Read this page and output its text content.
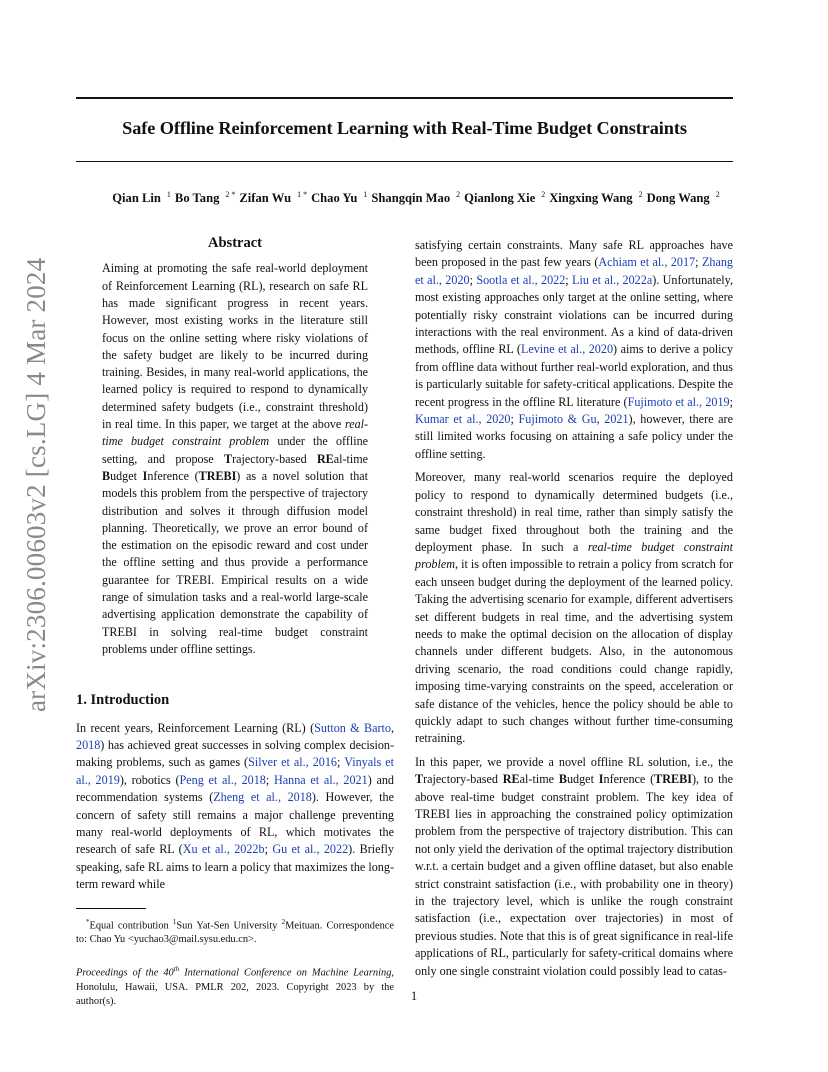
Safe Offline Reinforcement Learning with Real-Time Budget Constraints
Qian Lin $^1$ Bo Tang $^{2 *}$ Zifan Wu $^{1 *}$ Chao Yu $^1$ Shangqin Mao $^2$ Qianlong Xie $^2$ Xingxing Wang $^2$ Dong Wang $^2$
arXiv:2306.00603v2 [cs.LG] 4 Mar 2024
Abstract

Aiming at promoting the safe real-world deployment of Reinforcement Learning (RL), research on safe RL has made significant progress in recent years. However, most existing works in the literature still focus on the online setting where risky violations of the safety budget are likely to be incurred during training. Besides, in many real-world applications, the learned policy is required to respond to dynamically determined safety budgets (i.e., constraint threshold) in real time. In this paper, we target at the above real-time budget constraint problem under the offline setting, and propose Trajectory-based REal-time Budget Inference (TREBI) as a novel solution that models this problem from the perspective of trajectory distribution and solves it through diffusion model planning. Theoretically, we prove an error bound of the estimation on the episodic reward and cost under the offline setting and thus provide a performance guarantee for TREBI. Empirical results on a wide range of simulation tasks and a real-world large-scale advertising application demonstrate the capability of TREBI in solving real-time budget constraint problems under offline settings.

1. Introduction

In recent years, Reinforcement Learning (RL) (Sutton & Barto, 2018) has achieved great successes in solving complex decision-making problems, such as games (Silver et al., 2016; Vinyals et al., 2019), robotics (Peng et al., 2018; Hanna et al., 2021) and recommendation systems (Zheng et al., 2018). However, the concern of safety still remains a major challenge preventing many real-world deployments of RL, which motivates the research of safe RL (Xu et al., 2022b; Gu et al., 2022). Briefly speaking, safe RL aims to learn a policy that maximizes the long-term reward while

*Equal contribution $^1$Sun Yat-Sen University $^2$Meituan. Correspondence to: Chao Yu <yuchao3@mail.sysu.edu.cn>.

Proceedings of the 40th International Conference on Machine Learning, Honolulu, Hawaii, USA. PMLR 202, 2023. Copyright 2023 by the author(s).

satisfying certain constraints. Many safe RL approaches have been proposed in the past few years (Achiam et al., 2017; Zhang et al., 2020; Sootla et al., 2022; Liu et al., 2022a). Unfortunately, most existing approaches only target at the online setting, where potentially risky constraint violations can be incurred during interactions with the real environment. As a kind of data-driven methods, offline RL (Levine et al., 2020) aims to derive a policy from offline data without further real-world exploration, and thus is particularly suitable for safety-critical applications. Despite the recent progress in the offline RL literature (Fujimoto et al., 2019; Kumar et al., 2020; Fujimoto & Gu, 2021), however, there are still limited works focusing on attaining a safe policy under the offline setting.

Moreover, many real-world scenarios require the deployed policy to respond to dynamically determined budgets (i.e., constraint threshold) in real time, rather than simply satisfy the same budget fixed throughout both the training and the deployment phase. In such a real-time budget constraint problem, it is often impossible to retrain a policy from scratch for each unseen budget during the deployment of the learned policy. Taking the advertising scenario for example, different advertisers set different budgets in real time, and the advertising system needs to make the optimal decision on the allocation of display channels under different budgets. Also, in the autonomous driving scenario, the road conditions could change rapidly, imposing time-varying constraints on the speed, acceleration or safe distance of the vehicles, hence the policy should be able to quickly adapt to such changes without further time-consuming retraining.

In this paper, we provide a novel offline RL solution, i.e., the Trajectory-based REal-time Budget Inference (TREBI), to the above real-time budget constraint problem. The key idea of TREBI lies in approaching the constrained policy optimization problem from the perspective of trajectory distribution. This can not only yield the derivation of the optimal trajectory distribution w.r.t. a certain budget and a given offline dataset, but also enable strict constraint satisfaction (i.e., with probability one in theory) in the trajectory level, which is unlike the rough constraint satisfaction (i.e., expectation over trajectories) in most of previous studies. Note that this is of great significance in real-life applications of RL, particularly for safety-critical domains where only one single constraint violation could possibly lead to catas-

1
